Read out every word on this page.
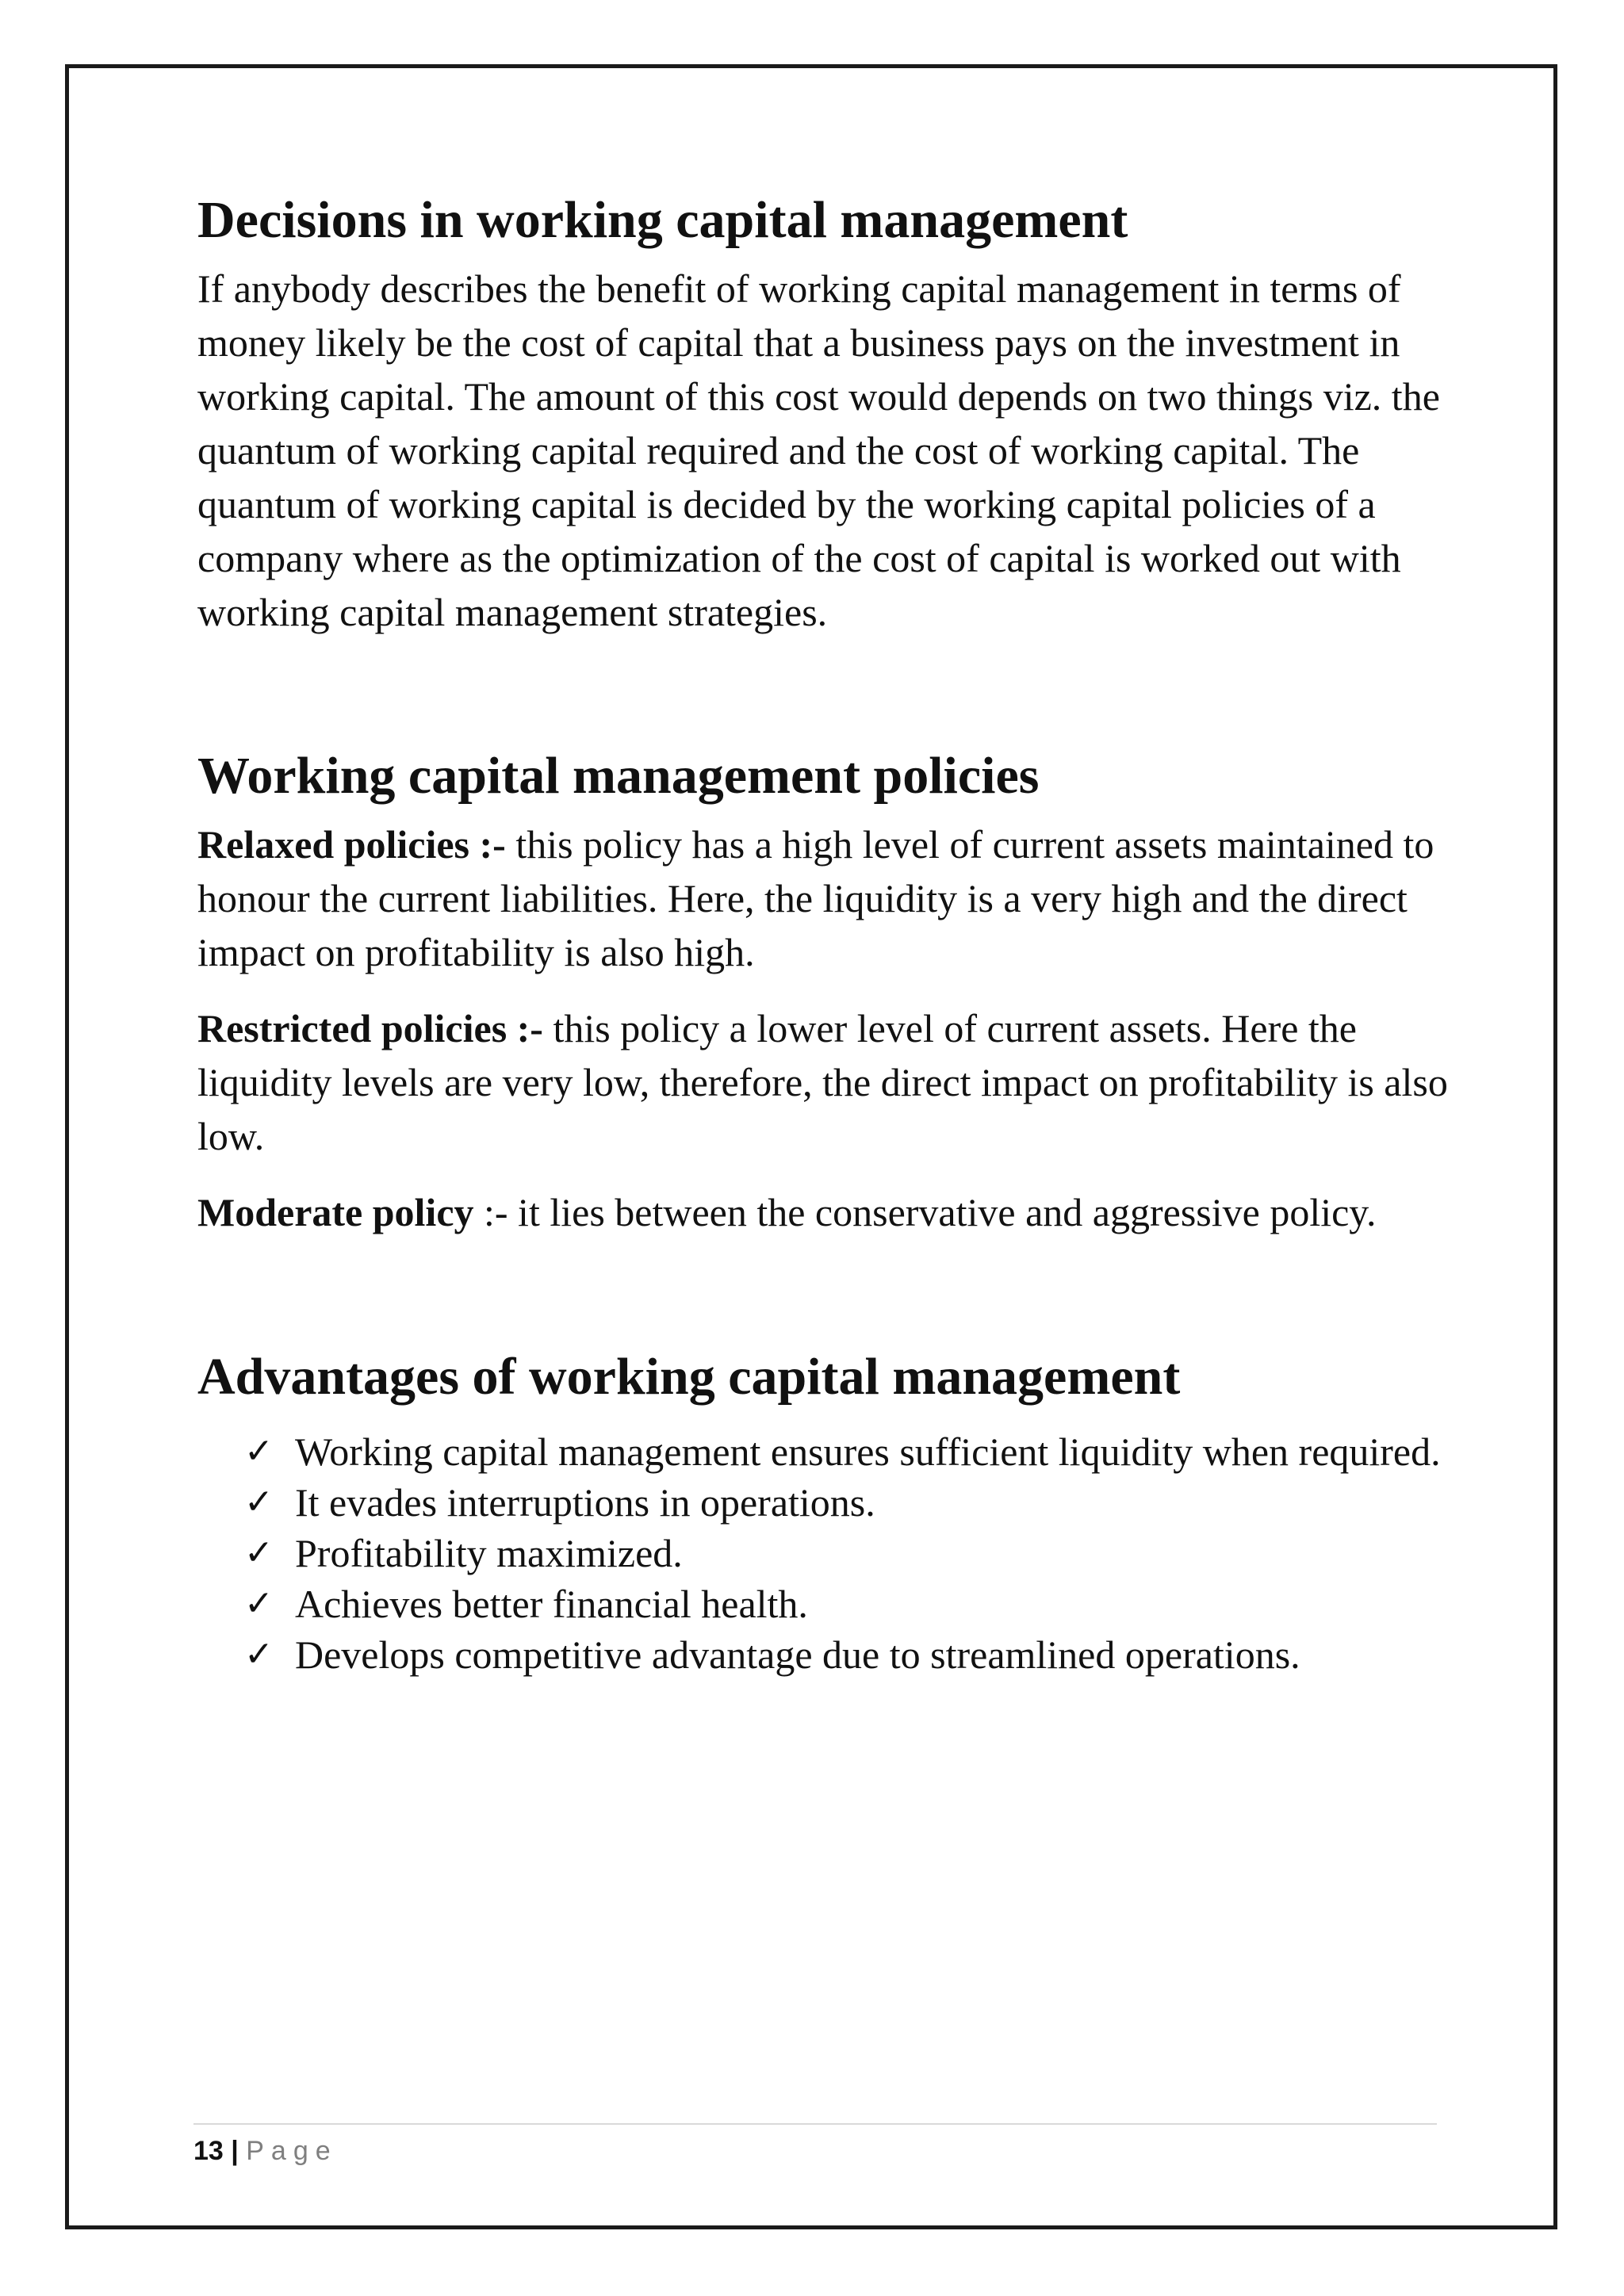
Decisions in working capital management

If anybody describes the benefit of working capital management in terms of money likely be the cost of capital that a business pays on the investment in working capital. The amount of this cost would depends on two things viz. the quantum of working capital required and the cost of working capital. The quantum of working capital is decided by the working capital policies of a company where as the optimization of the cost of capital is worked out with working capital management strategies.

Working capital management policies

Relaxed policies :- this policy has a high level of current assets maintained to honour the current liabilities. Here, the liquidity is a very high and the direct impact on profitability is also high.

Restricted policies :- this policy a lower level of current assets. Here the liquidity levels are very low, therefore, the direct impact on profitability is also low.

Moderate policy :- it lies between the conservative and aggressive policy.

Advantages of working capital management
✓ Working capital management ensures sufficient liquidity when required.
✓ It evades interruptions in operations.
✓ Profitability maximized.
✓ Achieves better financial health.
✓ Develops competitive advantage due to streamlined operations.
13 | Page
